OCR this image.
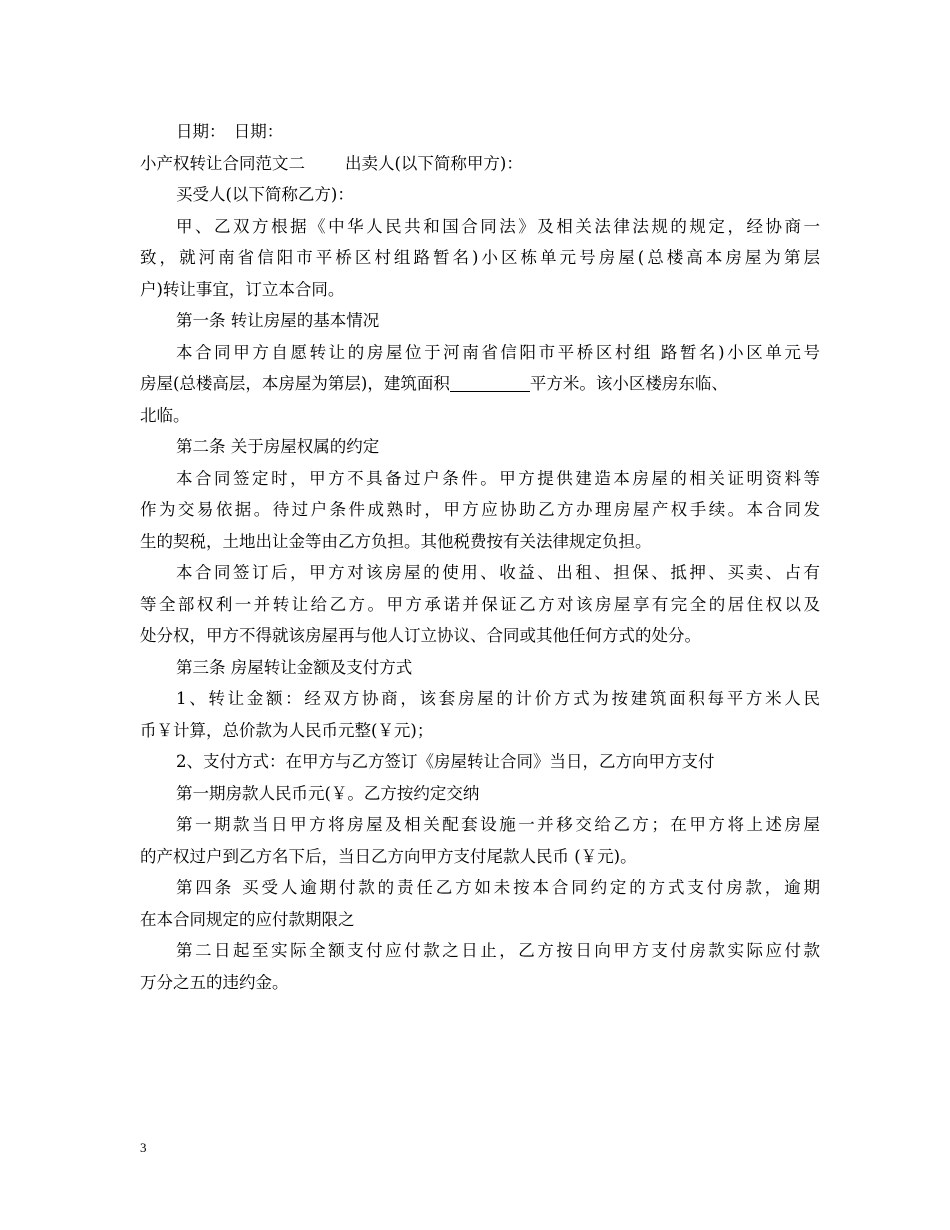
日期：　日期：
小产权转让合同范文二 出卖人(以下简称甲方)：
买受人(以下简称乙方)：
甲、乙双方根据《中华人民共和国合同法》及相关法律法规的规定，经协商一
致，就河南省信阳市平桥区村组路暂名)小区栋单元号房屋(总楼高本房屋为第层
户)转让事宜，订立本合同。
第一条 转让房屋的基本情况
本合同甲方自愿转让的房屋位于河南省信阳市平桥区村组 路暂名)小区单元号
房屋(总楼高层，本房屋为第层)，建筑面积	平方米。该小区楼房东临、
北临。
第二条 关于房屋权属的约定
本合同签定时，甲方不具备过户条件。甲方提供建造本房屋的相关证明资料等
作为交易依据。待过户条件成熟时，甲方应协助乙方办理房屋产权手续。本合同发
生的契税，土地出让金等由乙方负担。其他税费按有关法律规定负担。
本合同签订后，甲方对该房屋的使用、收益、出租、担保、抵押、买卖、占有
等全部权利一并转让给乙方。甲方承诺并保证乙方对该房屋享有完全的居住权以及
处分权，甲方不得就该房屋再与他人订立协议、合同或其他任何方式的处分。
第三条 房屋转让金额及支付方式
1、转让金额：经双方协商，该套房屋的计价方式为按建筑面积每平方米人民
币￥计算，总价款为人民币元整(￥元)；
2、支付方式：在甲方与乙方签订《房屋转让合同》当日，乙方向甲方支付
第一期房款人民币元(￥。乙方按约定交纳
第一期款当日甲方将房屋及相关配套设施一并移交给乙方；在甲方将上述房屋
的产权过户到乙方名下后，当日乙方向甲方支付尾款人民币 (￥元)。
第四条 买受人逾期付款的责任乙方如未按本合同约定的方式支付房款，逾期
在本合同规定的应付款期限之
第二日起至实际全额支付应付款之日止，乙方按日向甲方支付房款实际应付款
万分之五的违约金。
3
